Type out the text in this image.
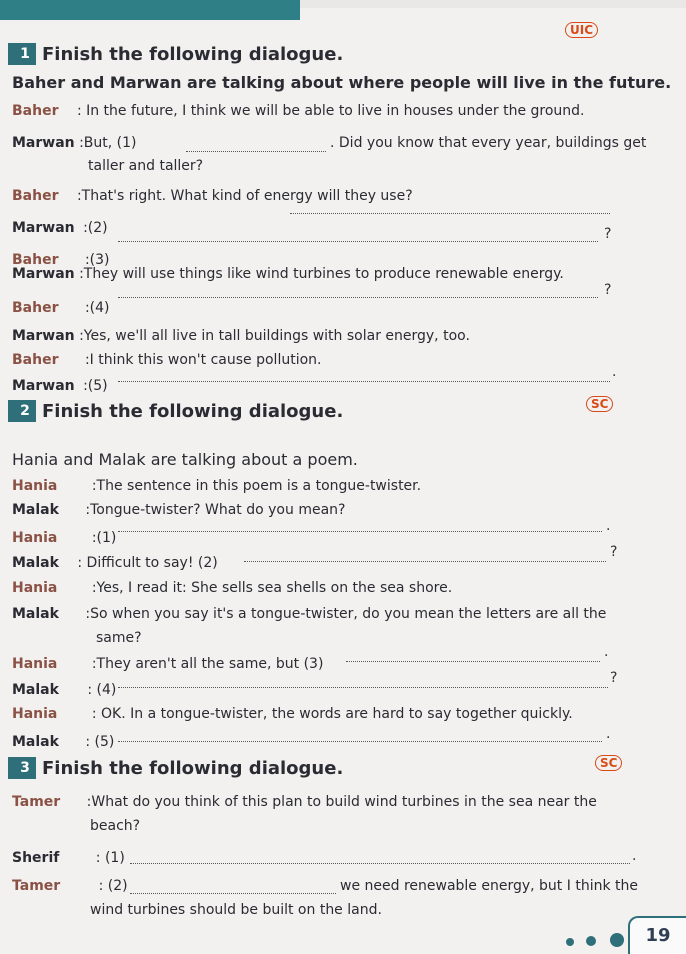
UIC
1 Finish the following dialogue.
Baher and Marwan are talking about where people will live in the future.
Baher : In the future, I think we will be able to live in houses under the ground.
Marwan :But, (1)	. Did you know that every year, buildings get
taller and taller?
Baher :That's right. What kind of energy will they use?
Marwan :(2)	?
Baher :(3)
Marwan :They will use things like wind turbines to produce renewable energy.
Baher :(4)
?
Marwan :Yes, we'll all live in tall buildings with solar energy, too.
Baher :I think this won't cause pollution.
Marwan :(5)
.
2 Finish the following dialogue.	SC
Hania and Malak are talking about a poem.
Hania :The sentence in this poem is a tongue-twister.
Malak :Tongue-twister? What do you mean?
Hania :(1)
.
Malak : Difficult to say! (2)
?
Hania :Yes, I read it: She sells sea shells on the sea shore.
Malak :So when you say it's a tongue-twister, do you mean the letters are all the
same?
Hania :They aren't all the same, but (3)
.
Malak : (4)
?
Hania : OK. In a tongue-twister, the words are hard to say together quickly.
Malak : (5)	.
3 Finish the following dialogue.	SC
Tamer :What do you think of this plan to build wind turbines in the sea near the
beach?
Sherif	: (1)	.
Tamer	: (2)	we need renewable energy, but I think the
wind turbines should be built on the land.
19
